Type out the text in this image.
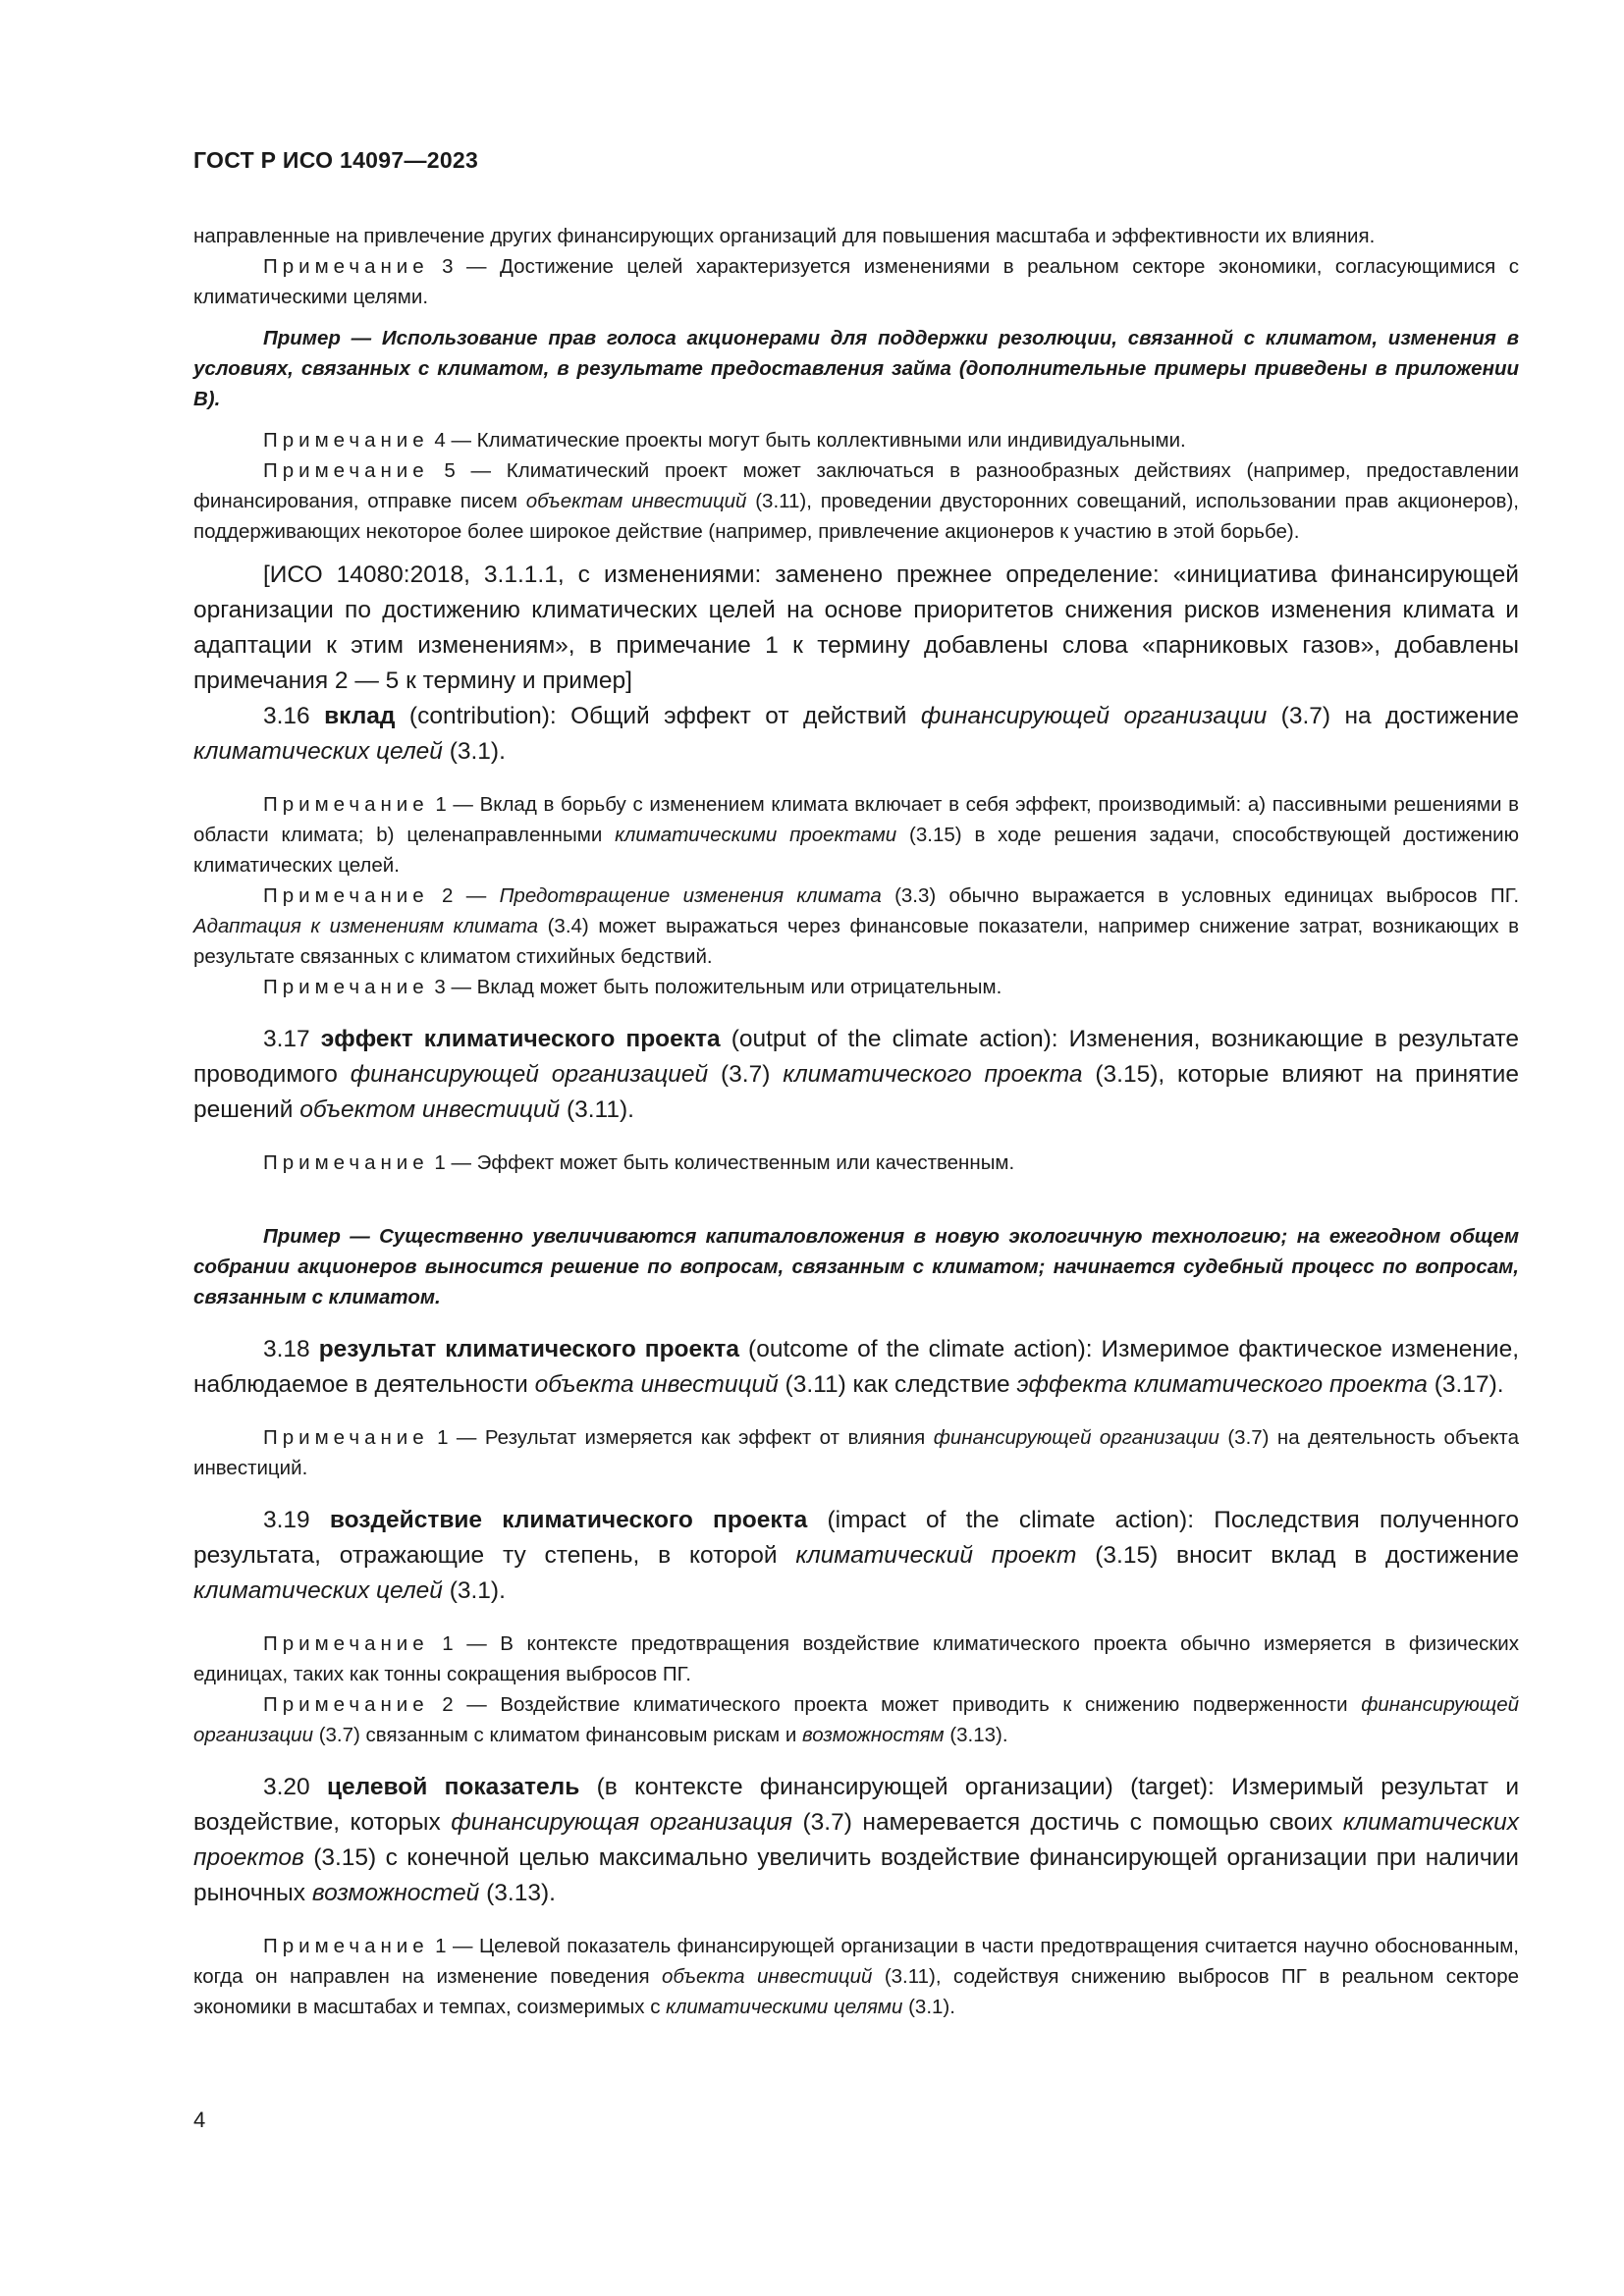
ГОСТ Р ИСО 14097—2023

направленные на привлечение других финансирующих организаций для повышения масштаба и эффективности их влияния.

Примечание 3 — Достижение целей характеризуется изменениями в реальном секторе экономики, согласующимися с климатическими целями.

Пример — Использование прав голоса акционерами для поддержки резолюции, связанной с климатом, изменения в условиях, связанных с климатом, в результате предоставления займа (дополнительные примеры приведены в приложении В).

Примечание 4 — Климатические проекты могут быть коллективными или индивидуальными.

Примечание 5 — Климатический проект может заключаться в разнообразных действиях (например, предоставлении финансирования, отправке писем объектам инвестиций (3.11), проведении двусторонних совещаний, использовании прав акционеров), поддерживающих некоторое более широкое действие (например, привлечение акционеров к участию в этой борьбе).

[ИСО 14080:2018, 3.1.1.1, с изменениями: заменено прежнее определение: «инициатива финансирующей организации по достижению климатических целей на основе приоритетов снижения рисков изменения климата и адаптации к этим изменениям», в примечание 1 к термину добавлены слова «парниковых газов», добавлены примечания 2 — 5 к термину и пример]

3.16 вклад (contribution): Общий эффект от действий финансирующей организации (3.7) на достижение климатических целей (3.1).

Примечание 1 — Вклад в борьбу с изменением климата включает в себя эффект, производимый: а) пассивными решениями в области климата; b) целенаправленными климатическими проектами (3.15) в ходе решения задачи, способствующей достижению климатических целей.

Примечание 2 — Предотвращение изменения климата (3.3) обычно выражается в условных единицах выбросов ПГ. Адаптация к изменениям климата (3.4) может выражаться через финансовые показатели, например снижение затрат, возникающих в результате связанных с климатом стихийных бедствий.

Примечание 3 — Вклад может быть положительным или отрицательным.

3.17 эффект климатического проекта (output of the climate action): Изменения, возникающие в результате проводимого финансирующей организацией (3.7) климатического проекта (3.15), которые влияют на принятие решений объектом инвестиций (3.11).

Примечание 1 — Эффект может быть количественным или качественным.

Пример — Существенно увеличиваются капиталовложения в новую экологичную технологию; на ежегодном общем собрании акционеров выносится решение по вопросам, связанным с климатом; начинается судебный процесс по вопросам, связанным с климатом.

3.18 результат климатического проекта (outcome of the climate action): Измеримое фактическое изменение, наблюдаемое в деятельности объекта инвестиций (3.11) как следствие эффекта климатического проекта (3.17).

Примечание 1 — Результат измеряется как эффект от влияния финансирующей организации (3.7) на деятельность объекта инвестиций.

3.19 воздействие климатического проекта (impact of the climate action): Последствия полученного результата, отражающие ту степень, в которой климатический проект (3.15) вносит вклад в достижение климатических целей (3.1).

Примечание 1 — В контексте предотвращения воздействие климатического проекта обычно измеряется в физических единицах, таких как тонны сокращения выбросов ПГ.

Примечание 2 — Воздействие климатического проекта может приводить к снижению подверженности финансирующей организации (3.7) связанным с климатом финансовым рискам и возможностям (3.13).

3.20 целевой показатель (в контексте финансирующей организации) (target): Измеримый результат и воздействие, которых финансирующая организация (3.7) намеревается достичь с помощью своих климатических проектов (3.15) с конечной целью максимально увеличить воздействие финансирующей организации при наличии рыночных возможностей (3.13).

Примечание 1 — Целевой показатель финансирующей организации в части предотвращения считается научно обоснованным, когда он направлен на изменение поведения объекта инвестиций (3.11), содействуя снижению выбросов ПГ в реальном секторе экономики в масштабах и темпах, соизмеримых с климатическими целями (3.1).

4
